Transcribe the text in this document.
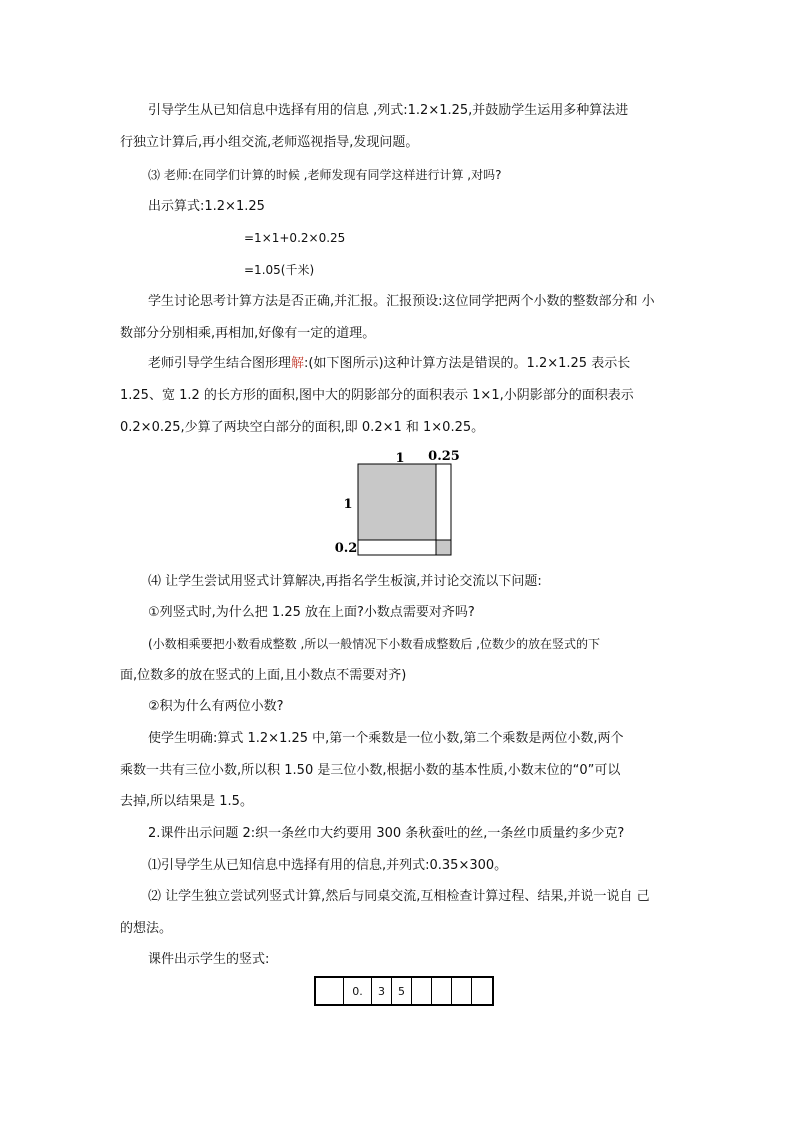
引导学生从已知信息中选择有用的信息 ,列式:1.2×1.25,并鼓励学生运用多种算法进
行独立计算后,再小组交流,老师巡视指导,发现问题。
⑶ 老师:在同学们计算的时候 ,老师发现有同学这样进行计算 ,对吗?
出示算式:1.2×1.25
=1×1+0.2×0.25
=1.05(千米)
学生讨论思考计算方法是否正确,并汇报。汇报预设:这位同学把两个小数的整数部分和 小
数部分分别相乘,再相加,好像有一定的道理。
老师引导学生结合图形理解:(如下图所示)这种计算方法是错误的。1.2×1.25 表示长
1.25、宽 1.2 的长方形的面积,图中大的阴影部分的面积表示 1×1,小阴影部分的面积表示
0.2×0.25,少算了两块空白部分的面积,即 0.2×1 和 1×0.25。
1 0.25
1
0.2
⑷ 让学生尝试用竖式计算解决,再指名学生板演,并讨论交流以下问题:
①列竖式时,为什么把 1.25 放在上面?小数点需要对齐吗?
(小数相乘要把小数看成整数 ,所以一般情况下小数看成整数后 ,位数少的放在竖式的下
面,位数多的放在竖式的上面,且小数点不需要对齐)
②积为什么有两位小数?
使学生明确:算式 1.2×1.25 中,第一个乘数是一位小数,第二个乘数是两位小数,两个
乘数一共有三位小数,所以积 1.50 是三位小数,根据小数的基本性质,小数末位的“0”可以
去掉,所以结果是 1.5。
2.课件出示问题 2:织一条丝巾大约要用 300 条秋蚕吐的丝,一条丝巾质量约多少克?
⑴引导学生从已知信息中选择有用的信息,并列式:0.35×300。
⑵ 让学生独立尝试列竖式计算,然后与同桌交流,互相检查计算过程、结果,并说一说自 己
的想法。
课件出示学生的竖式:
0.	3	5
